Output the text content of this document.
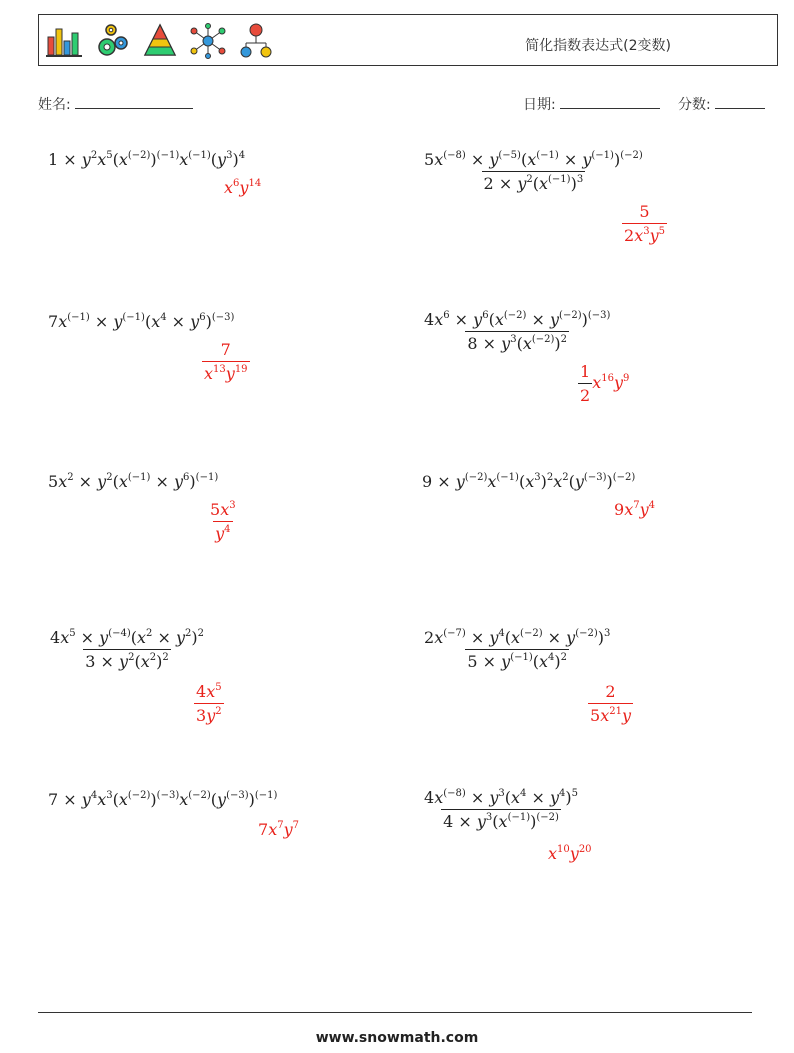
简化指数表达式(2变数)
姓名:	日期:	分数:
$1 \times y^2x^5(x^{(-2)})^{(-1)}x^{(-1)}(y^3)^4$
$x^6y^{14}$	$\frac{5x^{(-8)} \times y^{(-5)}(x^{(-1)} \times y^{(-1)})^{(-2)}}{2 \times y^2(x^{(-1)})^3}$
$\frac{5}{2x^3y^5}$
$7x^{(-1)} \times y^{(-1)}(x^4 \times y^6)^{(-3)}$
$\frac{7}{x^{13}y^{19}}$
$\frac{4x^6 \times y^6(x^{(-2)} \times y^{(-2)})^{(-3)}}{8 \times y^3(x^{(-2)})^2}$
$\frac{1}{2} x^{16}y^9$
$5x^2 \times y^2(x^{(-1)} \times y^6)^{(-1)}$
$\frac{5x^3}{y^4}$
$9 \times y^{(-2)}x^{(-1)}(x^3)^2x^2(y^{(-3)})^{(-2)}$
$9x^7y^4$
$\frac{4x^5 \times y^{(-4)}(x^2 \times y^2)^2}{3 \times y^2(x^2)^2}$
$\frac{4x^5}{3y^2}$
$\frac{2x^{(-7)} \times y^4(x^{(-2)} \times y^{(-2)})^3}{5 \times y^{(-1)}(x^4)^2}$
$\frac{2}{5x^{21}y}$
$7 \times y^4x^3(x^{(-2)})^{(-3)}x^{(-2)}(y^{(-3)})^{(-1)}$
$7x^7y^7$	$\frac{4x^{(-8)} \times y^3(x^4 \times y^4)^5}{4 \times y^3(x^{(-1)})^{(-2)}}$
$x^{10}y^{20}$
www.snowmath.com
